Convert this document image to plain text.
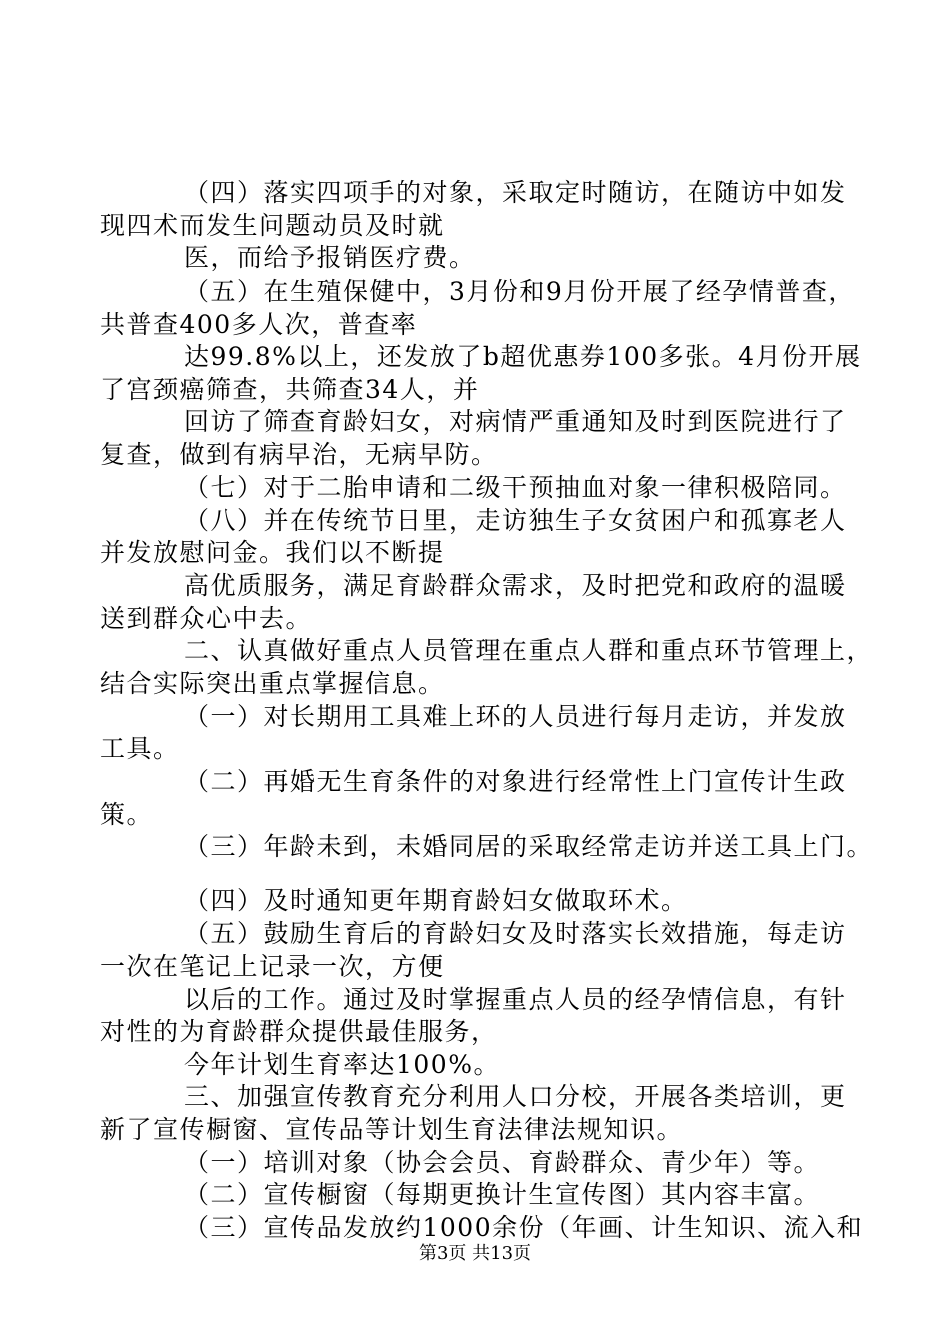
（四）落实四项手的对象，采取定时随访，在随访中如发
现四术而发生问题动员及时就
医，而给予报销医疗费。
（五）在生殖保健中，3月份和9月份开展了经孕情普查，
共普查400多人次，普查率
达99.8%以上，还发放了b超优惠券100多张。4月份开展
了宫颈癌筛查，共筛查34人，并
回访了筛查育龄妇女，对病情严重通知及时到医院进行了
复查，做到有病早治，无病早防。
（七）对于二胎申请和二级干预抽血对象一律积极陪同。
（八）并在传统节日里，走访独生子女贫困户和孤寡老人
并发放慰问金。我们以不断提
高优质服务，满足育龄群众需求，及时把党和政府的温暖
送到群众心中去。
二、认真做好重点人员管理在重点人群和重点环节管理上，
结合实际突出重点掌握信息。
（一）对长期用工具难上环的人员进行每月走访，并发放
工具。
（二）再婚无生育条件的对象进行经常性上门宣传计生政
策。
（三）年龄未到，未婚同居的采取经常走访并送工具上门。
（四）及时通知更年期育龄妇女做取环术。
（五）鼓励生育后的育龄妇女及时落实长效措施，每走访
一次在笔记上记录一次，方便
以后的工作。通过及时掌握重点人员的经孕情信息，有针
对性的为育龄群众提供最佳服务，
今年计划生育率达100%。
三、加强宣传教育充分利用人口分校，开展各类培训，更
新了宣传橱窗、宣传品等计划生育法律法规知识。
（一）培训对象（协会会员、育龄群众、青少年）等。
（二）宣传橱窗（每期更换计生宣传图）其内容丰富。
（三）宣传品发放约1000余份（年画、计生知识、流入和
第3页 共13页
